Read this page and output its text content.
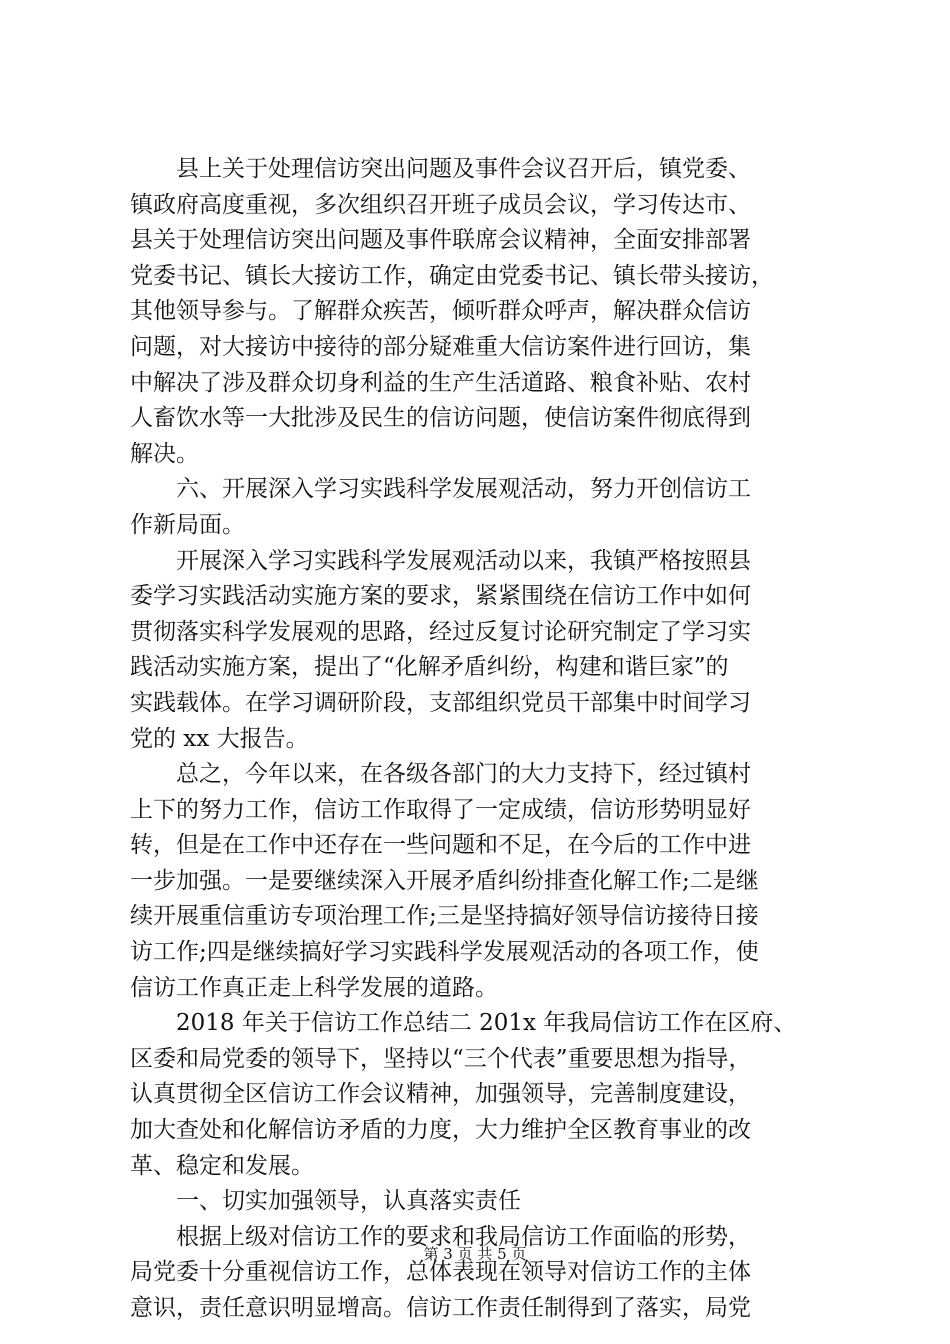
县上关于处理信访突出问题及事件会议召开后，镇党委、
镇政府高度重视，多次组织召开班子成员会议，学习传达市、
县关于处理信访突出问题及事件联席会议精神，全面安排部署
党委书记、镇长大接访工作，确定由党委书记、镇长带头接访，
其他领导参与。了解群众疾苦，倾听群众呼声，解决群众信访
问题，对大接访中接待的部分疑难重大信访案件进行回访，集
中解决了涉及群众切身利益的生产生活道路、粮食补贴、农村
人畜饮水等一大批涉及民生的信访问题，使信访案件彻底得到
解决。
六、开展深入学习实践科学发展观活动，努力开创信访工
作新局面。
开展深入学习实践科学发展观活动以来，我镇严格按照县
委学习实践活动实施方案的要求，紧紧围绕在信访工作中如何
贯彻落实科学发展观的思路，经过反复讨论研究制定了学习实
践活动实施方案，提出了“化解矛盾纠纷，构建和谐巨家”的
实践载体。在学习调研阶段，支部组织党员干部集中时间学习
党的 xx 大报告。
总之，今年以来，在各级各部门的大力支持下，经过镇村
上下的努力工作，信访工作取得了一定成绩，信访形势明显好
转，但是在工作中还存在一些问题和不足，在今后的工作中进
一步加强。一是要继续深入开展矛盾纠纷排查化解工作;二是继
续开展重信重访专项治理工作;三是坚持搞好领导信访接待日接
访工作;四是继续搞好学习实践科学发展观活动的各项工作，使
信访工作真正走上科学发展的道路。
2018 年关于信访工作总结二 201x 年我局信访工作在区府、
区委和局党委的领导下，坚持以“三个代表”重要思想为指导，
认真贯彻全区信访工作会议精神，加强领导，完善制度建设，
加大查处和化解信访矛盾的力度，大力维护全区教育事业的改
革、稳定和发展。
一、切实加强领导，认真落实责任
根据上级对信访工作的要求和我局信访工作面临的形势，
局党委十分重视信访工作，总体表现在领导对信访工作的主体
意识，责任意识明显增高。信访工作责任制得到了落实，局党
第 3 页 共 5 页
